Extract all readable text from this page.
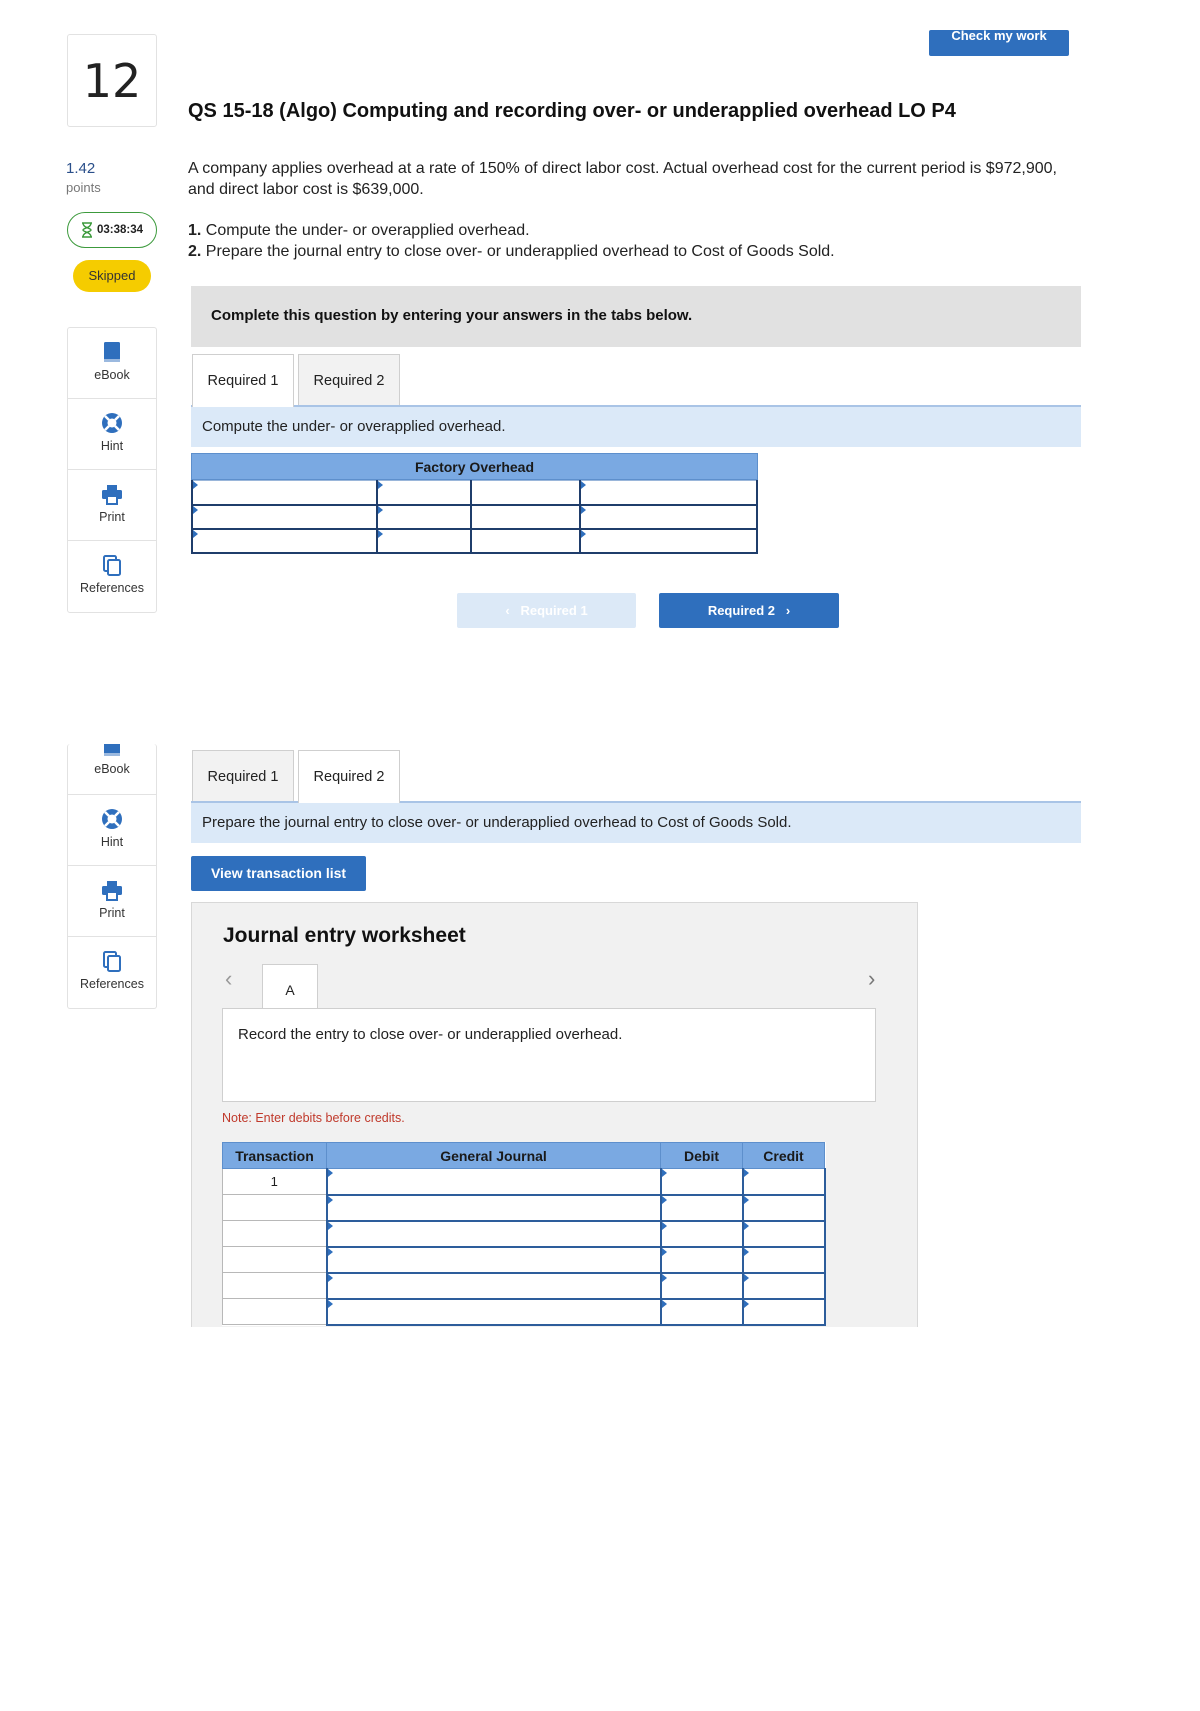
Check my work
12
1.42
points
03:38:34
Skipped
eBook
Hint
Print
References
eBook
Hint
Print
References
QS 15-18 (Algo) Computing and recording over- or underapplied overhead LO P4
A company applies overhead at a rate of 150% of direct labor cost. Actual overhead cost for the current period is $972,900, and direct labor cost is $639,000.
1. Compute the under- or overapplied overhead.
2. Prepare the journal entry to close over- or underapplied overhead to Cost of Goods Sold.
Complete this question by entering your answers in the tabs below.
Required 1	Required 2
Compute the under- or overapplied overhead.
Factory Overhead

‹ Required 1	Required 2 ›
Required 1	Required 2
Prepare the journal entry to close over- or underapplied overhead to Cost of Goods Sold.
View transaction list
Journal entry worksheet
‹	›
A
Record the entry to close over- or underapplied overhead.
Note: Enter debits before credits.
Transaction	General Journal	Debit	Credit
1			
